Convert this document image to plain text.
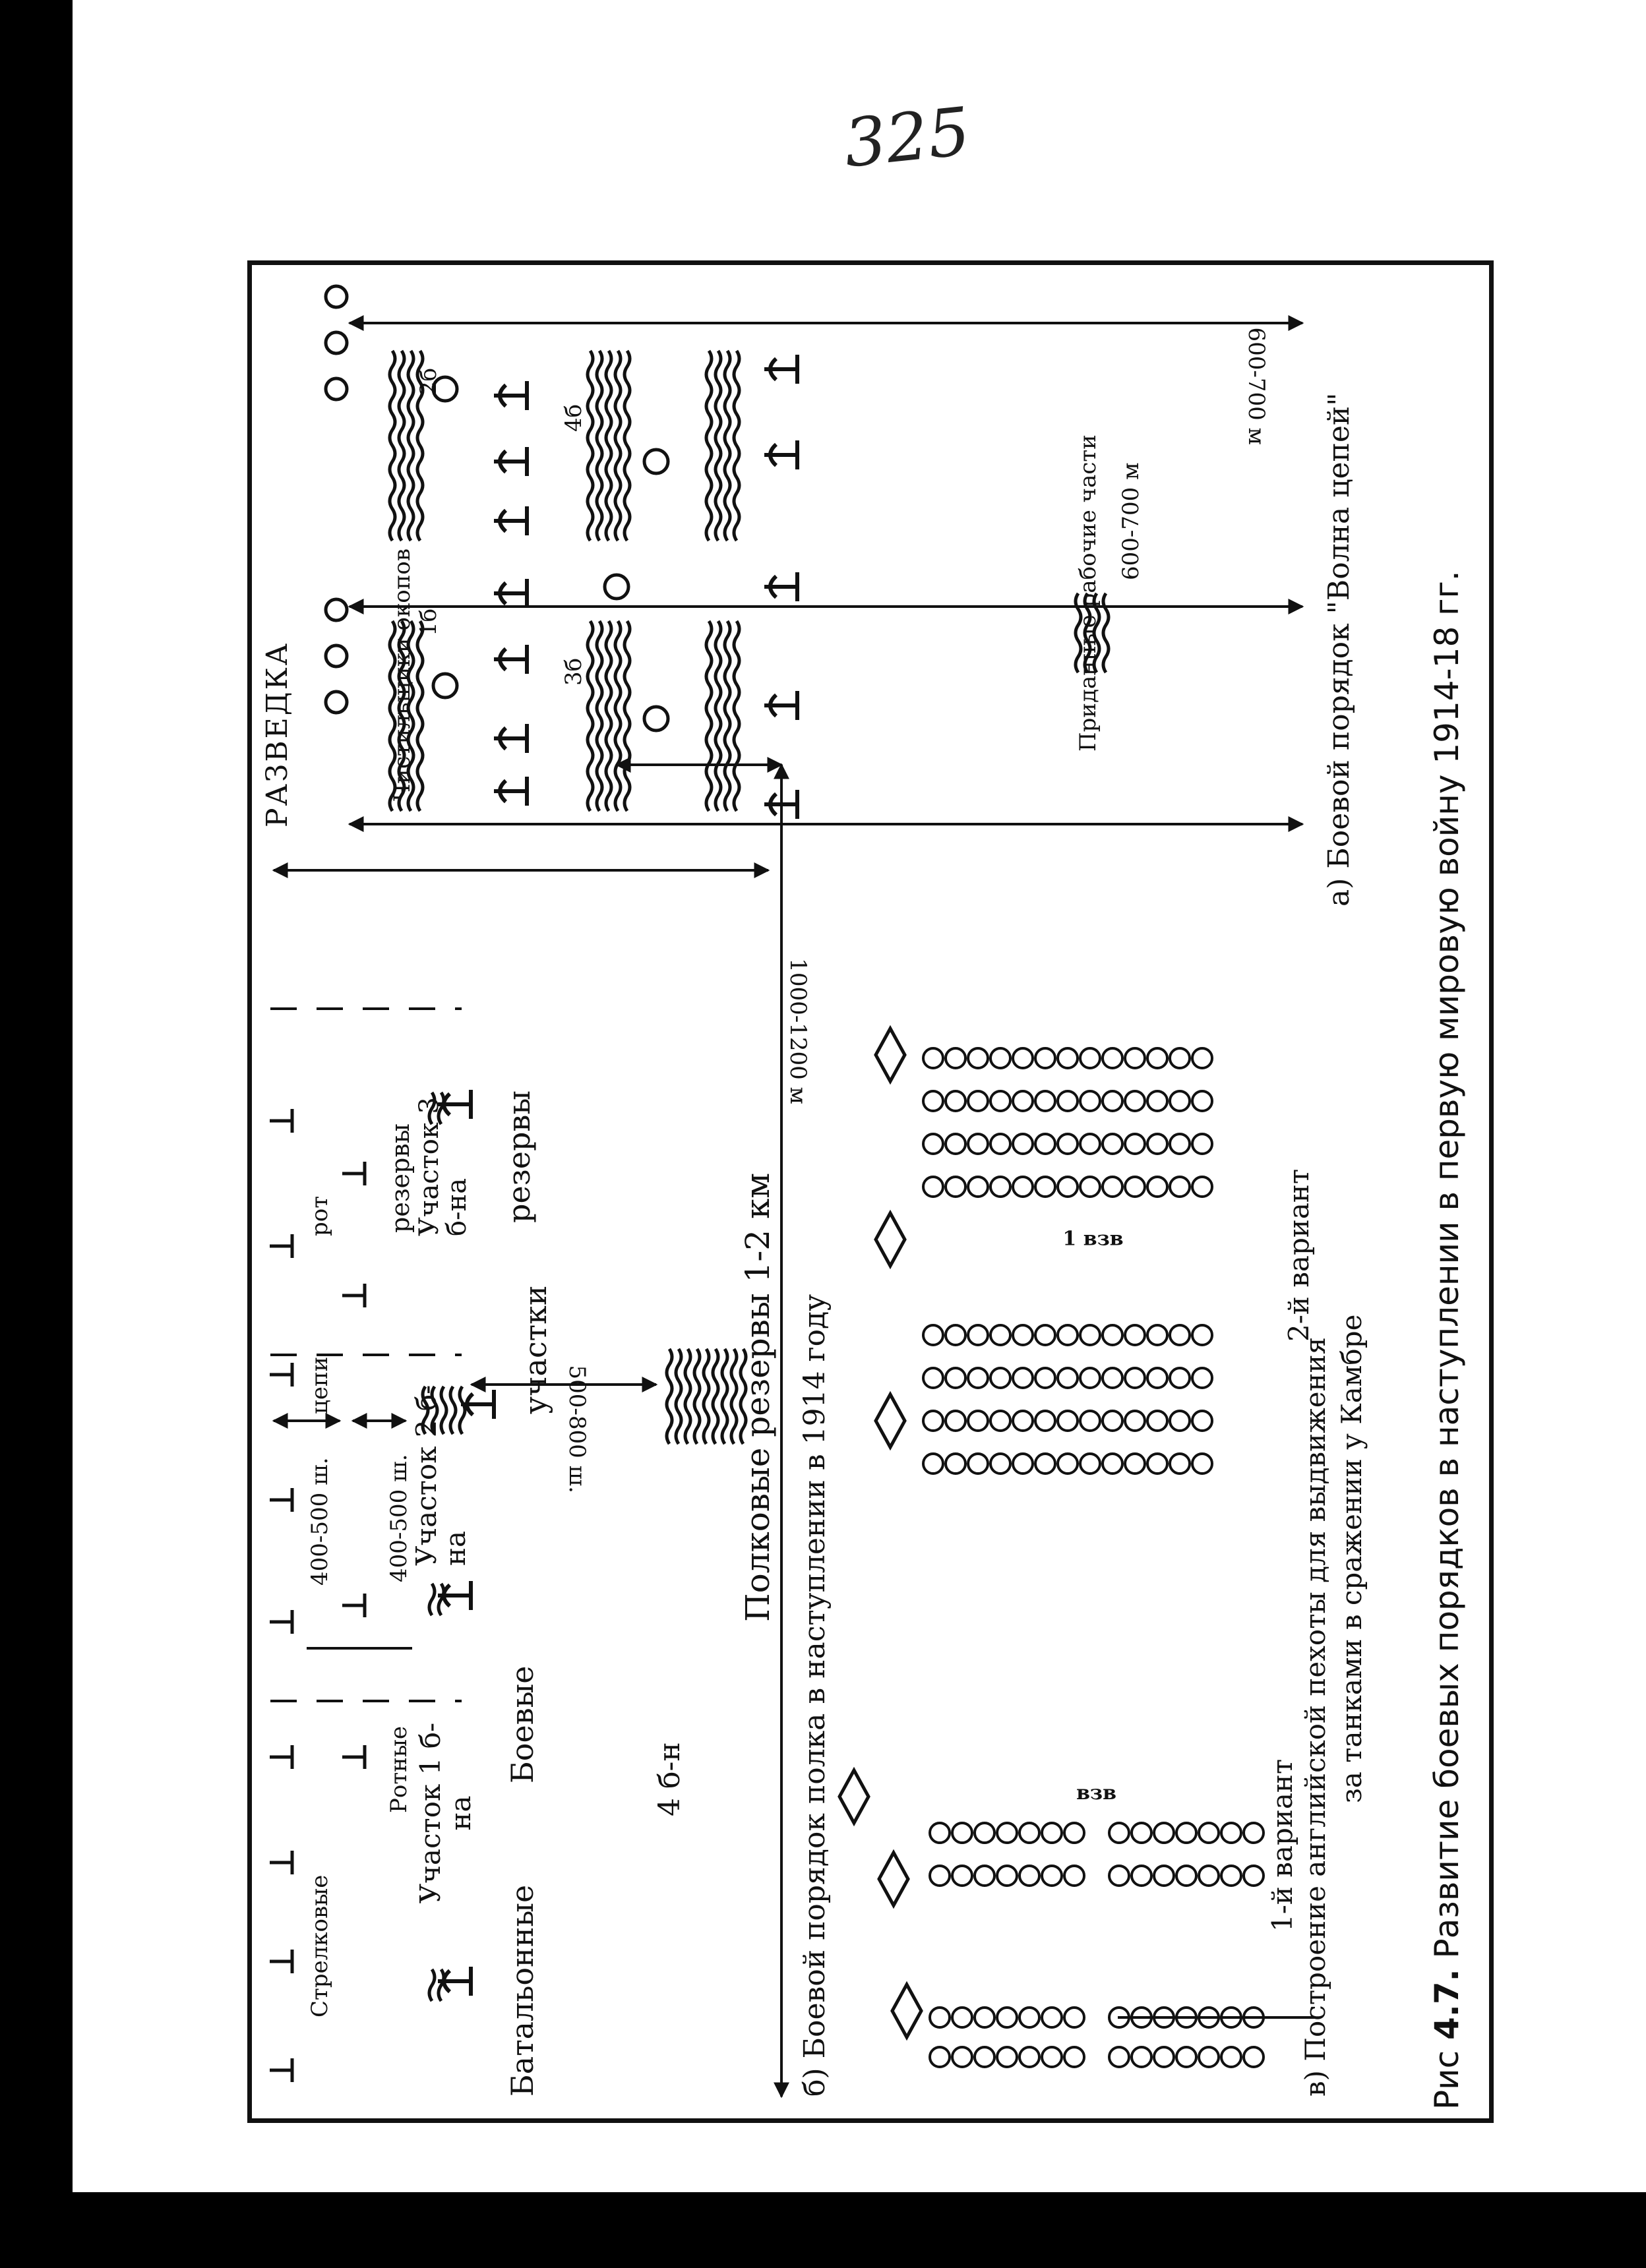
325
Рис 4.7. Развитие боевых порядков в наступлении в первую мировую войну 1914-18 гг.
б) Боевой порядок полка в наступлении в 1914 году
Стрелковые
цепи
рот
400-500 ш.
Ротные
резервы
400-500 ш.
Участок 1 б-на
Участок 2 б-на
Участок 3 б-на
Батальонные
Боевые
участки
резервы
500-800 ш.
4 б-н
Полковые резервы 1-2 км
1000-1200 м
1-й вариант
2-й вариант
в) Построение английской пехоты для выдвижения за танками в сражении у Камбре
взв
1 взв
а) Боевой порядок "Волна цепей"
РАЗВЕДКА	Чистильщики окопов 1б
2б
3б
4б
Приданные рабочие части 600-700 м
600-700 м
